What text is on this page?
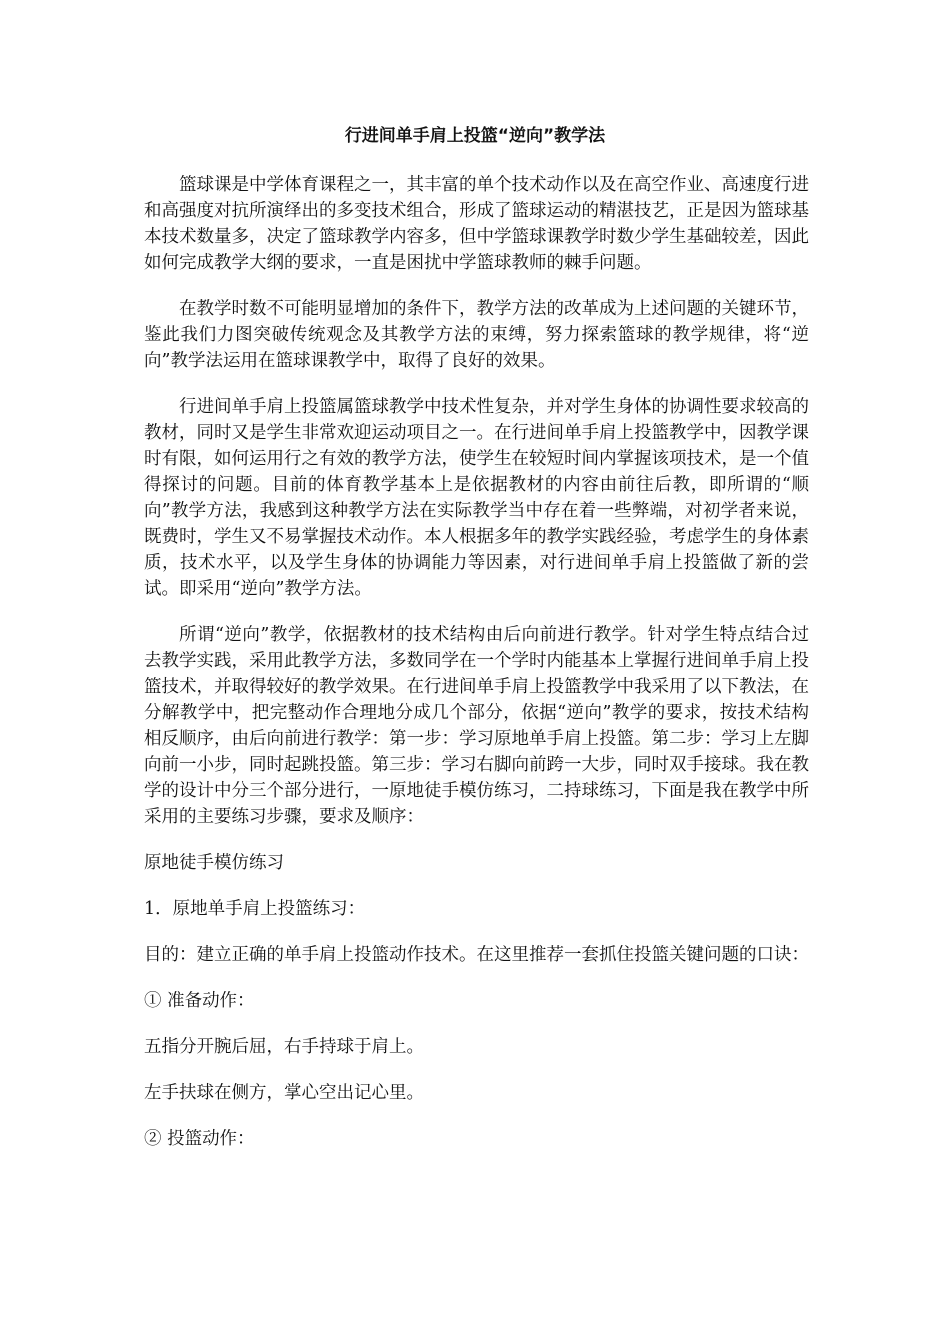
行进间单手肩上投篮“逆向”教学法

篮球课是中学体育课程之一，其丰富的单个技术动作以及在高空作业、高速度行进和高强度对抗所演绎出的多变技术组合，形成了篮球运动的精湛技艺，正是因为篮球基本技术数量多，决定了篮球教学内容多，但中学篮球课教学时数少学生基础较差，因此如何完成教学大纲的要求，一直是困扰中学篮球教师的棘手问题。

在教学时数不可能明显增加的条件下，教学方法的改革成为上述问题的关键环节，鉴此我们力图突破传统观念及其教学方法的束缚，努力探索篮球的教学规律，将“逆向”教学法运用在篮球课教学中，取得了良好的效果。

行进间单手肩上投篮属篮球教学中技术性复杂，并对学生身体的协调性要求较高的教材，同时又是学生非常欢迎运动项目之一。在行进间单手肩上投篮教学中，因教学课时有限，如何运用行之有效的教学方法，使学生在较短时间内掌握该项技术，是一个值得探讨的问题。目前的体育教学基本上是依据教材的内容由前往后教，即所谓的“顺向”教学方法，我感到这种教学方法在实际教学当中存在着一些弊端，对初学者来说，既费时，学生又不易掌握技术动作。本人根据多年的教学实践经验，考虑学生的身体素质，技术水平，以及学生身体的协调能力等因素，对行进间单手肩上投篮做了新的尝试。即采用“逆向”教学方法。

所谓“逆向”教学，依据教材的技术结构由后向前进行教学。针对学生特点结合过去教学实践，采用此教学方法，多数同学在一个学时内能基本上掌握行进间单手肩上投篮技术，并取得较好的教学效果。在行进间单手肩上投篮教学中我采用了以下教法，在分解教学中，把完整动作合理地分成几个部分，依据“逆向”教学的要求，按技术结构相反顺序，由后向前进行教学：第一步：学习原地单手肩上投篮。第二步：学习上左脚向前一小步，同时起跳投篮。第三步：学习右脚向前跨一大步，同时双手接球。我在教学的设计中分三个部分进行，一原地徒手模仿练习，二持球练习，下面是我在教学中所采用的主要练习步骤，要求及顺序：

原地徒手模仿练习

1．原地单手肩上投篮练习：

目的：建立正确的单手肩上投篮动作技术。在这里推荐一套抓住投篮关键问题的口诀：

① 准备动作：

五指分开腕后屈，右手持球于肩上。

左手扶球在侧方，掌心空出记心里。

② 投篮动作：
